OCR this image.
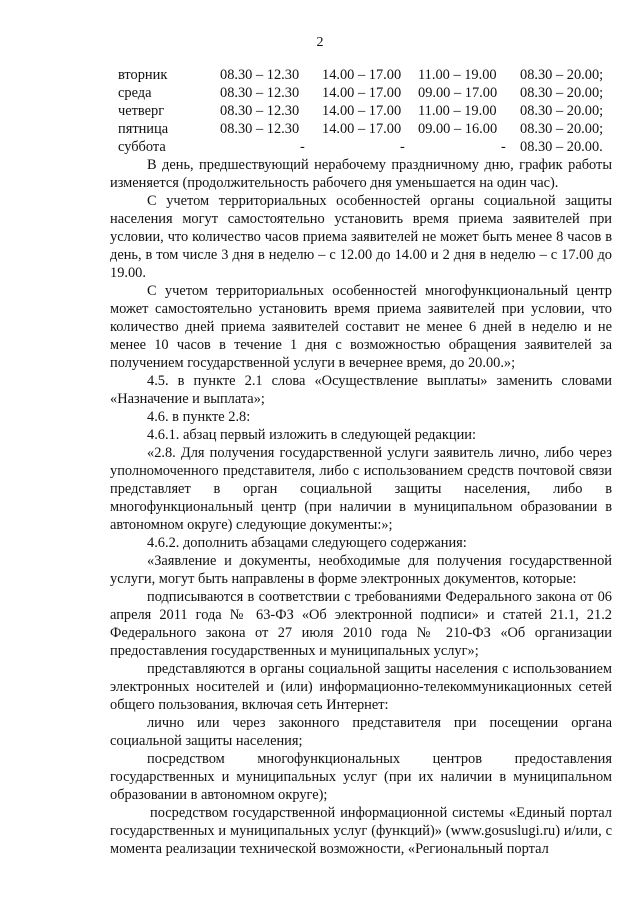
2
вторник	08.30 – 12.30 14.00 – 17.00 11.00 – 19.00 08.30 – 20.00;
среда	08.30 – 12.30 14.00 – 17.00 09.00 – 17.00 08.30 – 20.00;
четверг	08.30 – 12.30 14.00 – 17.00 11.00 – 19.00 08.30 – 20.00;
пятница	08.30 – 12.30 14.00 – 17.00 09.00 – 16.00 08.30 – 20.00;
суббота	-	-	- 08.30 – 20.00.

В день, предшествующий нерабочему праздничному дню, график работы изменяется (продолжительность рабочего дня уменьшается на один час).

С учетом территориальных особенностей органы социальной защиты населения могут самостоятельно установить время приема заявителей при условии, что количество часов приема заявителей не может быть менее 8 часов в день, в том числе 3 дня в неделю – с 12.00 до 14.00 и 2 дня в неделю – с 17.00 до 19.00.

С учетом территориальных особенностей многофункциональный центр может самостоятельно установить время приема заявителей при условии, что количество дней приема заявителей составит не менее 6 дней в неделю и не менее 10 часов в течение 1 дня с возможностью обращения заявителей за получением государственной услуги в вечернее время, до 20.00.»;

4.5. в пункте 2.1 слова «Осуществление выплаты» заменить словами «Назначение и выплата»;

4.6. в пункте 2.8:

4.6.1. абзац первый изложить в следующей редакции:

«2.8. Для получения государственной услуги заявитель лично, либо через уполномоченного представителя, либо с использованием средств почтовой связи представляет в орган социальной защиты населения, либо в многофункциональный центр (при наличии в муниципальном образовании в автономном округе) следующие документы:»;

4.6.2. дополнить абзацами следующего содержания:

«Заявление и документы, необходимые для получения государственной услуги, могут быть направлены в форме электронных документов, которые:

подписываются в соответствии с требованиями Федерального закона от 06 апреля 2011 года № 63-ФЗ «Об электронной подписи» и статей 21.1, 21.2 Федерального закона от 27 июля 2010 года № 210-ФЗ «Об организации предоставления государственных и муниципальных услуг»;

представляются в органы социальной защиты населения с использованием электронных носителей и (или) информационно-телекоммуникационных сетей общего пользования, включая сеть Интернет:

лично или через законного представителя при посещении органа социальной защиты населения;

посредством многофункциональных центров предоставления государственных и муниципальных услуг (при их наличии в муниципальном образовании в автономном округе);

посредством государственной информационной системы «Единый портал государственных и муниципальных услуг (функций)» (www.gosuslugi.ru) и/или, с момента реализации технической возможности, «Региональный портал
